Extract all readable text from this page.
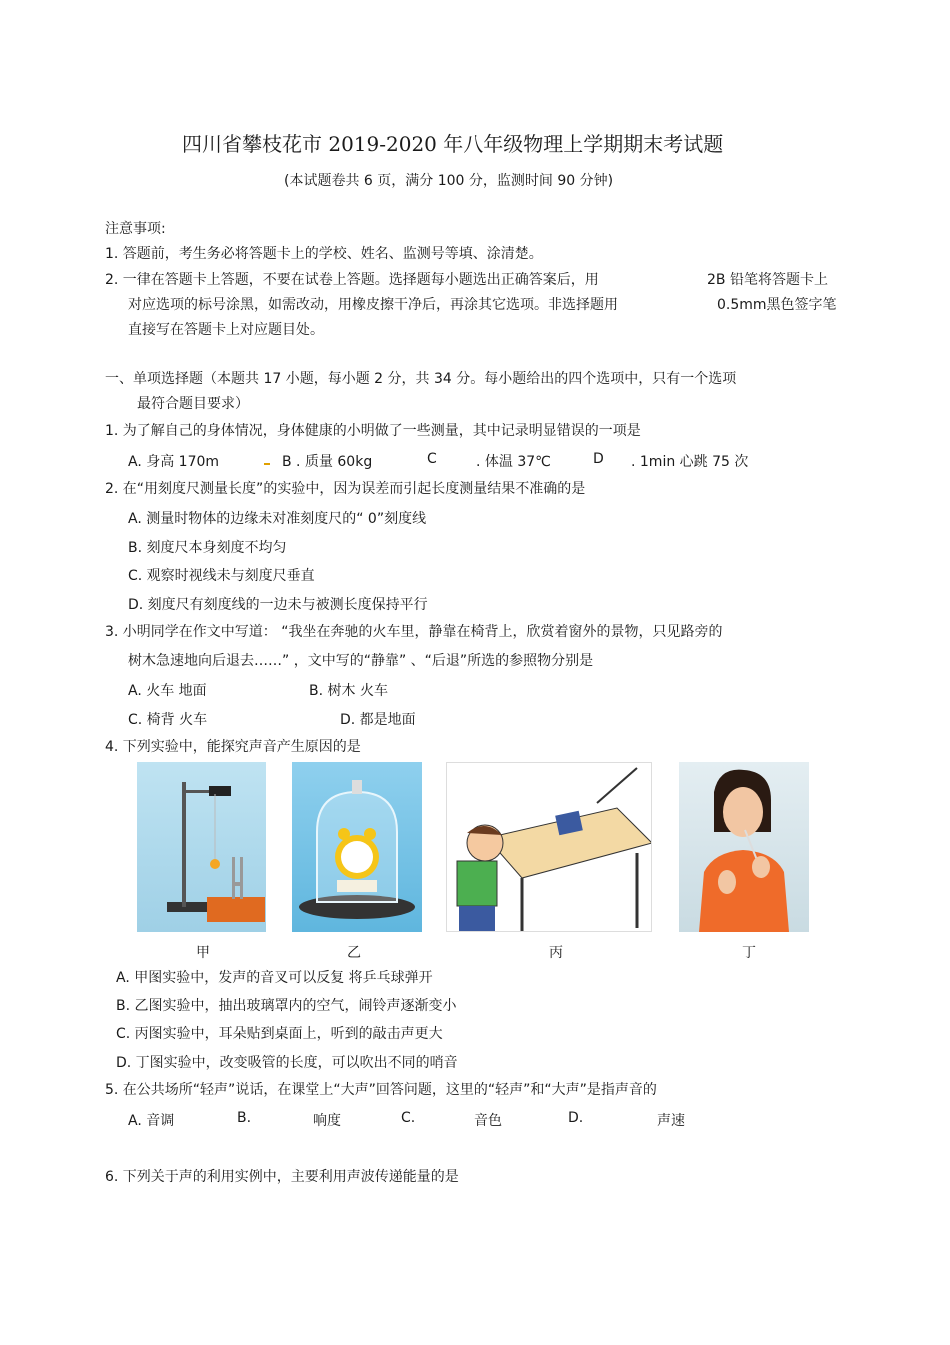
四川省攀枝花市 2019-2020 年八年级物理上学期期末考试题
(本试题卷共 6 页，满分 100 分，监测时间 90 分钟)
注意事项:
1. 答题前，考生务必将答题卡上的学校、姓名、监测号等填、涂清楚。
2. 一律在答题卡上答题，不要在试卷上答题。选择题每小题选出正确答案后，用	2B 铅笔将答题卡上
对应选项的标号涂黑，如需改动，用橡皮擦干净后，再涂其它选项。非选择题用	0.5mm黑色签字笔
直接写在答题卡上对应题目处。
一、单项选择题（本题共 17 小题，每小题 2 分，共 34 分。每小题给出的四个选项中，只有一个选项
最符合题目要求）
1. 为了解自己的身体情况，身体健康的小明做了一些测量，其中记录明显错误的一项是
A. 身高 170m	B . 质量 60kg	C	. 体温 37℃	D . 1min 心跳 75 次
2. 在“用刻度尺测量长度”的实验中，因为误差而引起长度测量结果不准确的是
A. 测量时物体的边缘未对准刻度尺的“ 0”刻度线
B. 刻度尺本身刻度不均匀
C. 观察时视线未与刻度尺垂直
D. 刻度尺有刻度线的一边未与被测长度保持平行
3. 小明同学在作文中写道： “我坐在奔驰的火车里，静靠在椅背上，欣赏着窗外的景物，只见路旁的
树木急速地向后退去……” ，文中写的“静靠” 、“后退”所选的参照物分别是
A. 火车 地面	B. 树木 火车
C. 椅背 火车	D. 都是地面
4. 下列实验中，能探究声音产生原因的是
甲	乙	丙	丁
A. 甲图实验中，发声的音叉可以反复 将乒乓球弹开
B. 乙图实验中，抽出玻璃罩内的空气，闹铃声逐渐变小
C. 丙图实验中，耳朵贴到桌面上，听到的敲击声更大
D. 丁图实验中，改变吸管的长度，可以吹出不同的哨音
5. 在公共场所“轻声”说话，在课堂上“大声”回答问题，这里的“轻声”和“大声”是指声音的
A. 音调	B.	响度	C.	音色	D.	声速
6. 下列关于声的利用实例中，主要利用声波传递能量的是
